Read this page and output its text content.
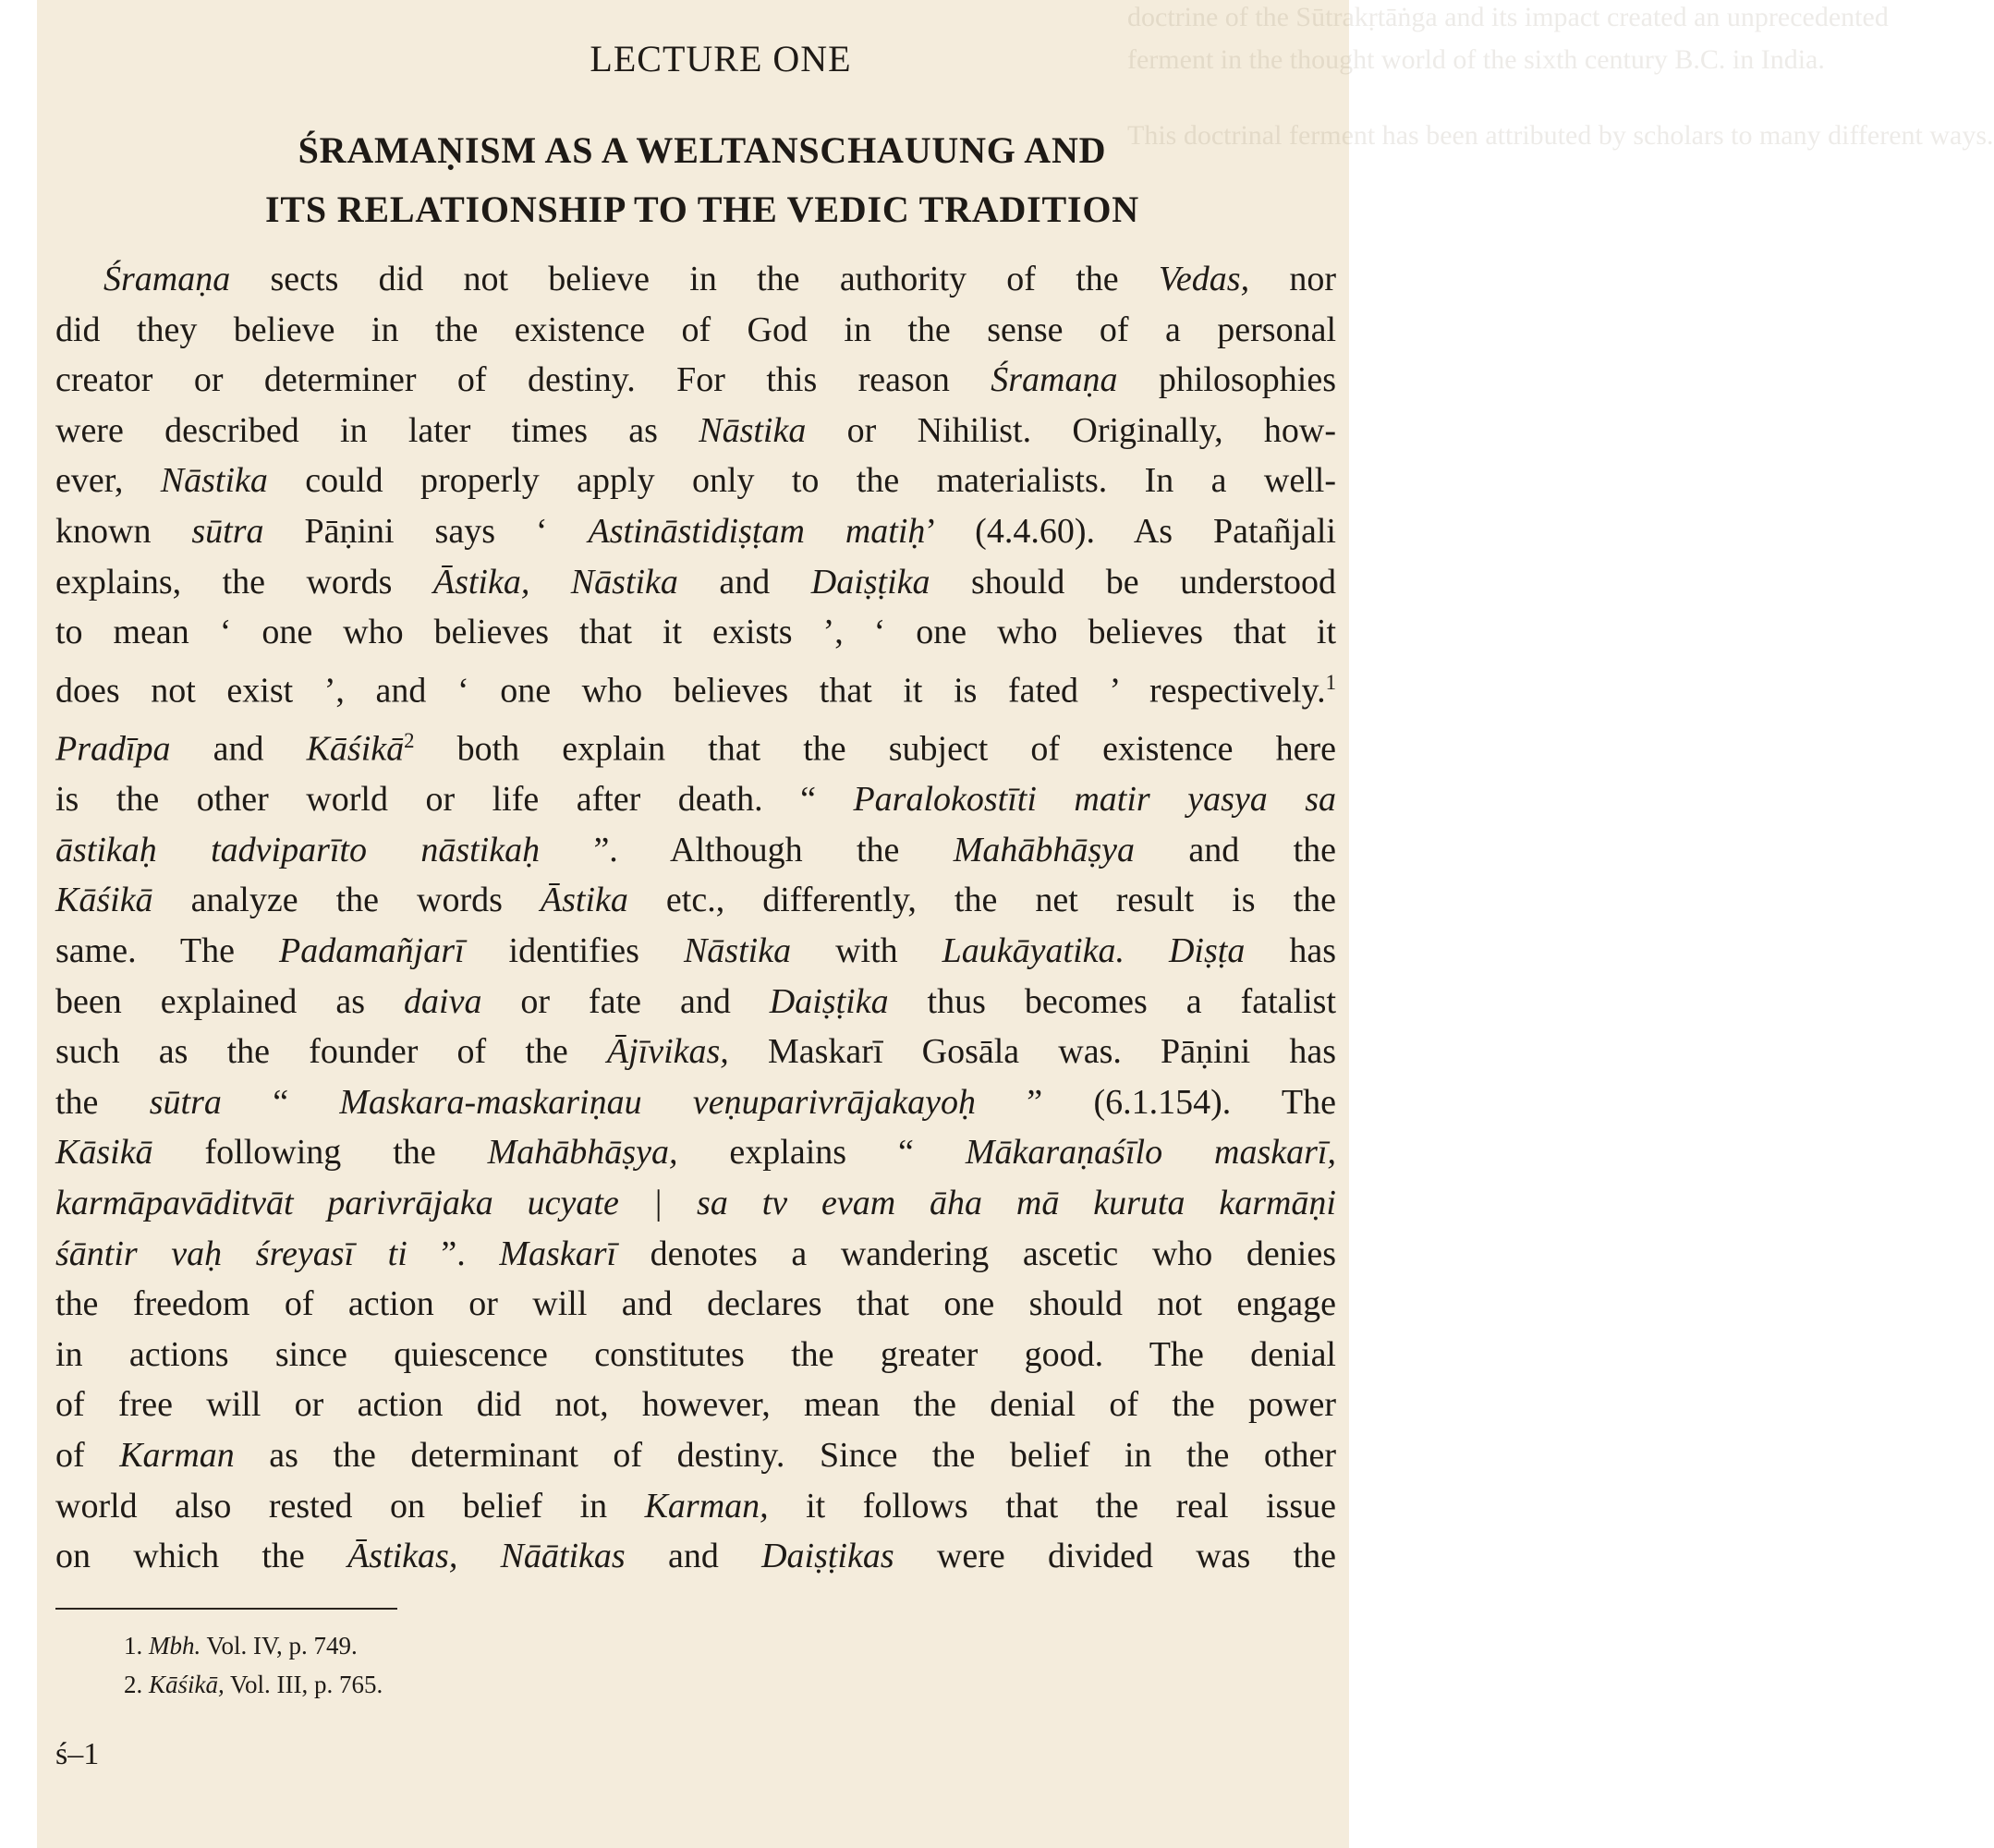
doctrine of the Sūtrakṛtāṅga and its impact created an unprecedented
ferment in the thought world of the sixth century B.C. in India.
This doctrinal ferment has been attributed by scholars to many different ways.
LECTURE ONE
ŚRAMAṆISM AS A WELTANSCHAUUNG AND
ITS RELATIONSHIP TO THE VEDIC TRADITION
Śramaṇa sects did not believe in the authority of the Vedas, nor
did they believe in the existence of God in the sense of a personal
creator or determiner of destiny. For this reason Śramaṇa philosophies
were described in later times as Nāstika or Nihilist. Originally, how-
ever, Nāstika could properly apply only to the materialists. In a well-
known sūtra Pāṇini says ‘ Astināstidiṣṭam matiḥ’ (4.4.60). As Patañjali
explains, the words Āstika, Nāstika and Daiṣṭika should be understood
to mean ‘ one who believes that it exists ’, ‘ one who believes that it
does not exist ’, and ‘ one who believes that it is fated ’ respectively.$^1$
Pradīpa and Kāśikā$^2$ both explain that the subject of existence here
is the other world or life after death. “ Paralokostīti matir yasya sa
āstikaḥ tadviparīto nāstikaḥ ”. Although the Mahābhāṣya and the
Kāśikā analyze the words Āstika etc., differently, the net result is the
same. The Padamañjarī identifies Nāstika with Laukāyatika. Diṣṭa has
been explained as daiva or fate and Daiṣṭika thus becomes a fatalist
such as the founder of the Ājīvikas, Maskarī Gosāla was. Pāṇini has
the sūtra “ Maskara-maskariṇau veṇuparivrājakayoḥ ” (6.1.154). The
Kāsikā following the Mahābhāṣya, explains “ Mākaraṇaśīlo maskarī,
karmāpavāditvāt parivrājaka ucyate | sa tv evam āha mā kuruta karmāṇi
śāntir vaḥ śreyasī ti ”. Maskarī denotes a wandering ascetic who denies
the freedom of action or will and declares that one should not engage
in actions since quiescence constitutes the greater good. The denial
of free will or action did not, however, mean the denial of the power
of Karman as the determinant of destiny. Since the belief in the other
world also rested on belief in Karman, it follows that the real issue
on which the Āstikas, Nāātikas and Daiṣṭikas were divided was the
1. Mbh. Vol. IV, p. 749.
2. Kāśikā, Vol. III, p. 765.
ś–1
